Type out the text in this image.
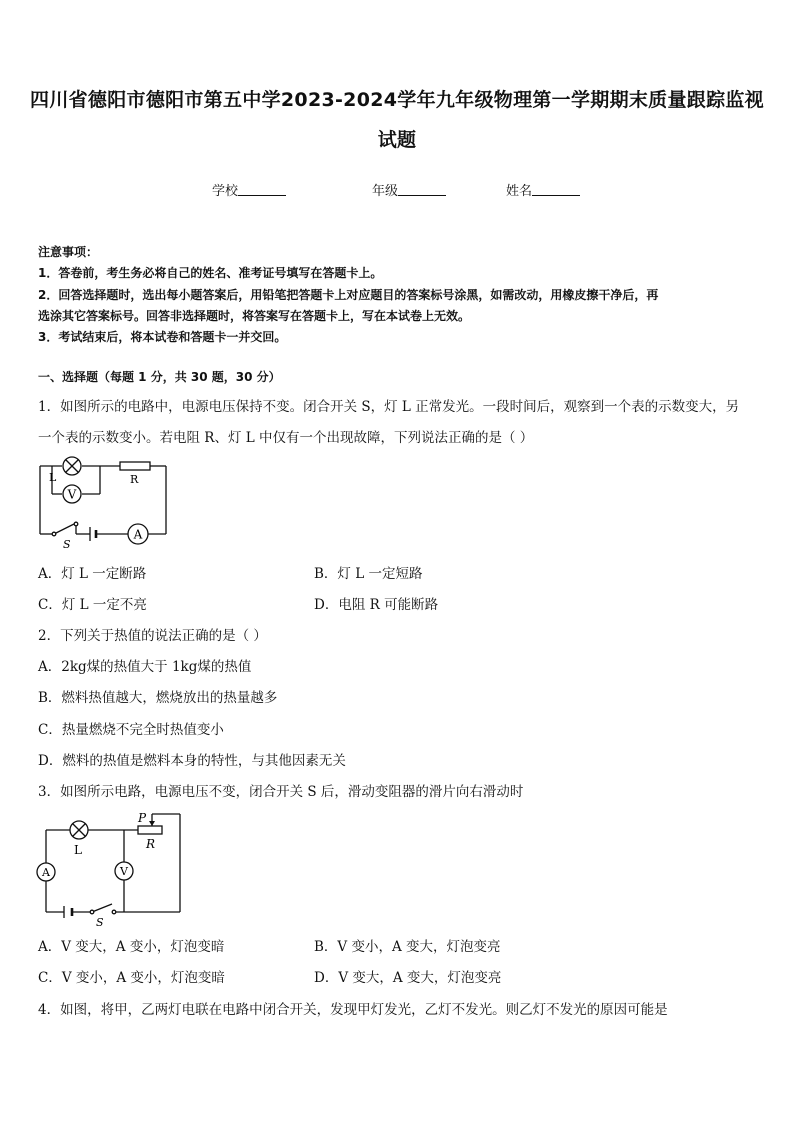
四川省德阳市德阳市第五中学2023-2024学年九年级物理第一学期期末质量跟踪监视
试题
学校	年级	姓名
注意事项：
1．答卷前，考生务必将自己的姓名、准考证号填写在答题卡上。
2．回答选择题时，选出每小题答案后，用铅笔把答题卡上对应题目的答案标号涂黑，如需改动，用橡皮擦干净后，再
选涂其它答案标号。回答非选择题时，将答案写在答题卡上，写在本试卷上无效。
3．考试结束后，将本试卷和答题卡一并交回。
一、选择题（每题 1 分，共 30 题，30 分）
1．如图所示的电路中，电源电压保持不变。闭合开关 S，灯 L 正常发光。一段时间后，观察到一个表的示数变大，另
一个表的示数变小。若电阻 R、灯 L 中仅有一个出现故障，下列说法正确的是（ ）
V
A
L	R
S
A．灯 L 一定断路	B．灯 L 一定短路
C．灯 L 一定不亮	D．电阻 R 可能断路
2．下列关于热值的说法正确的是（ ）
A．2kg煤的热值大于 1kg煤的热值
B．燃料热值越大，燃烧放出的热量越多
C．热量燃烧不完全时热值变小
D．燃料的热值是燃料本身的特性，与其他因素无关
3．如图所示电路，电源电压不变，闭合开关 S 后，滑动变阻器的滑片向右滑动时
A	V
L
P
R
S
A．V 变大，A 变小，灯泡变暗	B．V 变小，A 变大，灯泡变亮
C．V 变小，A 变小，灯泡变暗	D．V 变大，A 变大，灯泡变亮
4．如图，将甲，乙两灯电联在电路中闭合开关，发现甲灯发光，乙灯不发光。则乙灯不发光的原因可能是
